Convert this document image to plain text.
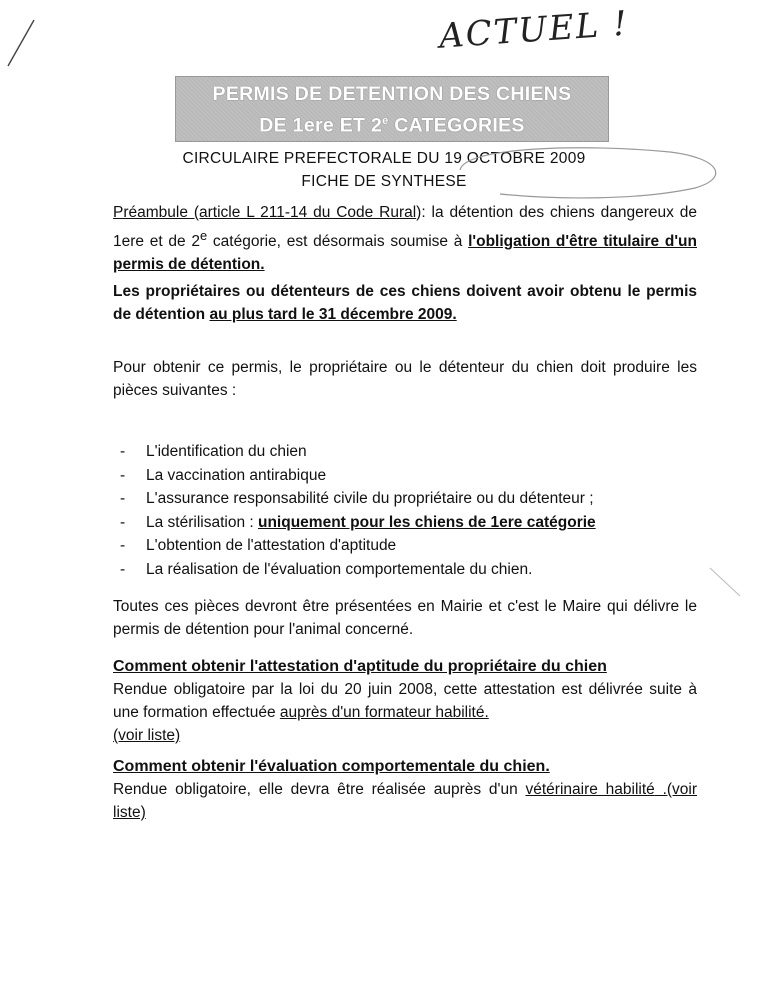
ACTUEL !
PERMIS DE DETENTION DES CHIENS
DE 1ere ET 2e CATEGORIES
CIRCULAIRE PREFECTORALE DU 19 OCTOBRE 2009
FICHE DE SYNTHESE
Préambule (article L 211-14 du Code Rural): la détention des chiens dangereux de 1ere et de 2e catégorie, est désormais soumise à l'obligation d'être titulaire d'un permis de détention.
Les propriétaires ou détenteurs de ces chiens doivent avoir obtenu le permis de détention au plus tard le 31 décembre 2009.
Pour obtenir ce permis, le propriétaire ou le détenteur du chien doit produire les pièces suivantes :
- L'identification du chien
- La vaccination antirabique
- L'assurance responsabilité civile du propriétaire ou du détenteur ;
- La stérilisation : uniquement pour les chiens de 1ere catégorie
- L'obtention de l'attestation d'aptitude
- La réalisation de l'évaluation comportementale du chien.
Toutes ces pièces devront être présentées en Mairie et c'est le Maire qui délivre le permis de détention pour l'animal concerné.
Comment obtenir l'attestation d'aptitude du propriétaire du chien
Rendue obligatoire par la loi du 20 juin 2008, cette attestation est délivrée suite à une formation effectuée auprès d'un formateur habilité.
(voir liste)
Comment obtenir l'évaluation comportementale du chien.
Rendue obligatoire, elle devra être réalisée auprès d'un vétérinaire habilité .(voir liste)
